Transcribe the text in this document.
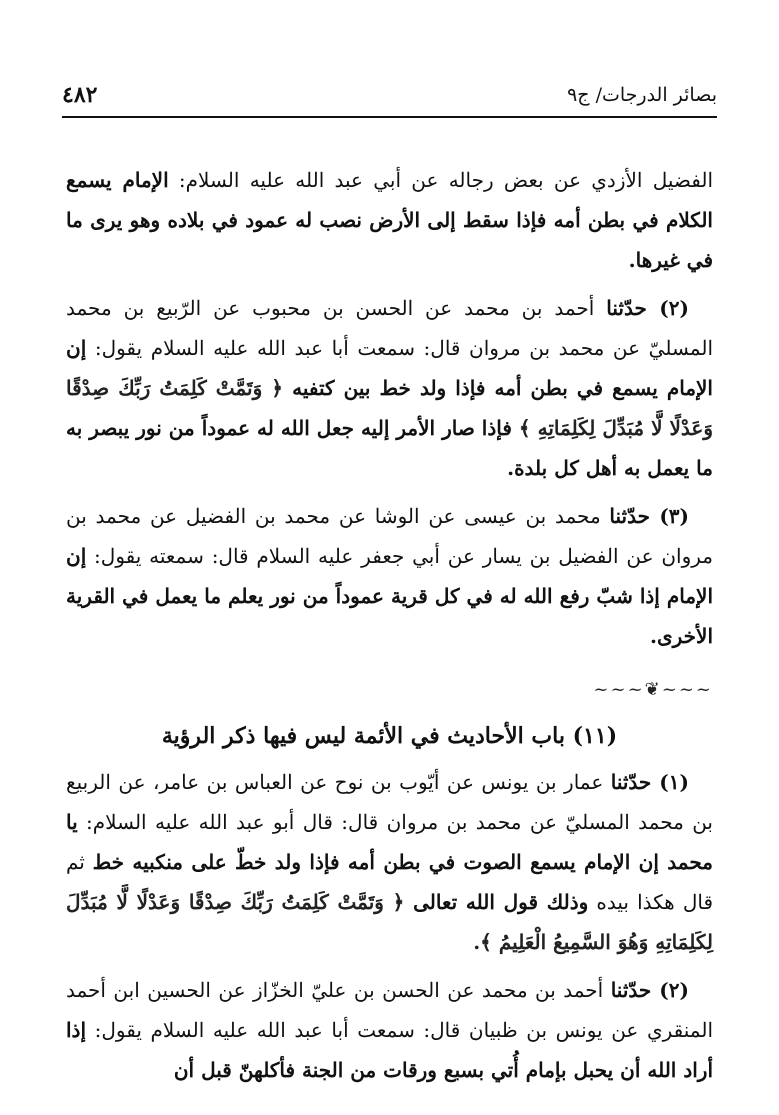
بصائر الدرجات/ ج٩
٤٨٢

الفضيل الأزدي عن بعض رجاله عن أبي عبد الله عليه السلام: الإمام يسمع الكلام في بطن أمه فإذا سقط إلى الأرض نصب له عمود في بلاده وهو يرى ما في غيرها.

(٢) حدّثنا أحمد بن محمد عن الحسن بن محبوب عن الرّبيع بن محمد المسليّ عن محمد بن مروان قال: سمعت أبا عبد الله عليه السلام يقول: إن الإمام يسمع في بطن أمه فإذا ولد خط بين كتفيه ﴿ وَتَمَّتْ كَلِمَتُ رَبِّكَ صِدْقًا وَعَدْلًا لَّا مُبَدِّلَ لِكَلِمَاتِهِ ﴾ فإذا صار الأمر إليه جعل الله له عموداً من نور يبصر به ما يعمل به أهل كل بلدة.

(٣) حدّثنا محمد بن عيسى عن الوشا عن محمد بن الفضيل عن محمد بن مروان عن الفضيل بن يسار عن أبي جعفر عليه السلام قال: سمعته يقول: إن الإمام إذا شبّ رفع الله له في كل قرية عموداً من نور يعلم ما يعمل في القرية الأخرى.

~~~❦~~~
(١١) باب الأحاديث في الأئمة ليس فيها ذكر الرؤية

(١) حدّثنا عمار بن يونس عن أيّوب بن نوح عن العباس بن عامر، عن الربيع بن محمد المسليّ عن محمد بن مروان قال: قال أبو عبد الله عليه السلام: يا محمد إن الإمام يسمع الصوت في بطن أمه فإذا ولد خطّ على منكبيه خط ثم قال هكذا بيده وذلك قول الله تعالى ﴿ وَتَمَّتْ كَلِمَتُ رَبِّكَ صِدْقًا وَعَدْلًا لَّا مُبَدِّلَ لِكَلِمَاتِهِ وَهُوَ السَّمِيعُ الْعَلِيمُ ﴾.

(٢) حدّثنا أحمد بن محمد عن الحسن بن عليّ الخزّاز عن الحسين ابن أحمد المنقري عن يونس بن ظبيان قال: سمعت أبا عبد الله عليه السلام يقول: إذا أراد الله أن يحبل بإمام أُتي بسبع ورقات من الجنة فأكلهنّ قبل أن
